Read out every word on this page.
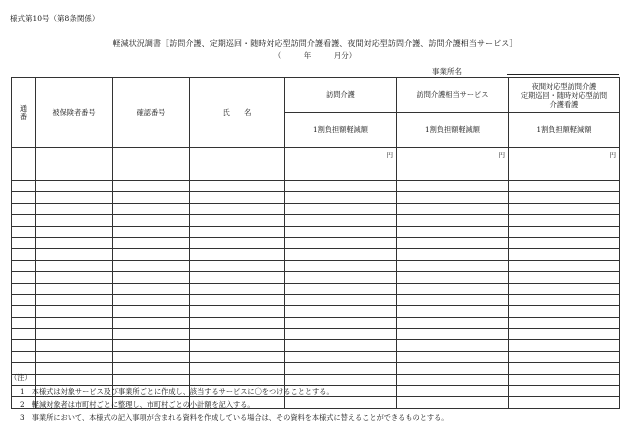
様式第10号（第8条関係）
軽減状況調書［訪問介護、定期巡回・随時対応型訪問介護看護、夜間対応型訪問介護、訪問介護相当サービス］
（　　　年　　　月分）
事業所名
通番	被保険者番号	確認番号	氏　　名	訪問介護	訪問介護相当サービス	夜間対応型訪問介護
定期巡回・随時対応型訪問
介護看護
				1割負担額軽減額	1割負担額軽減額	1割負担額軽減額

				円	円	円

（注）
1　本様式は対象サービス及び事業所ごとに作成し、該当するサービスに〇をつけることとする。
2　軽減対象者は市町村ごとに整理し、市町村ごとの小計額を記入する。
3　事業所において、本様式の記入事項が含まれる資料を作成している場合は、その資料を本様式に替えることができるものとする。
